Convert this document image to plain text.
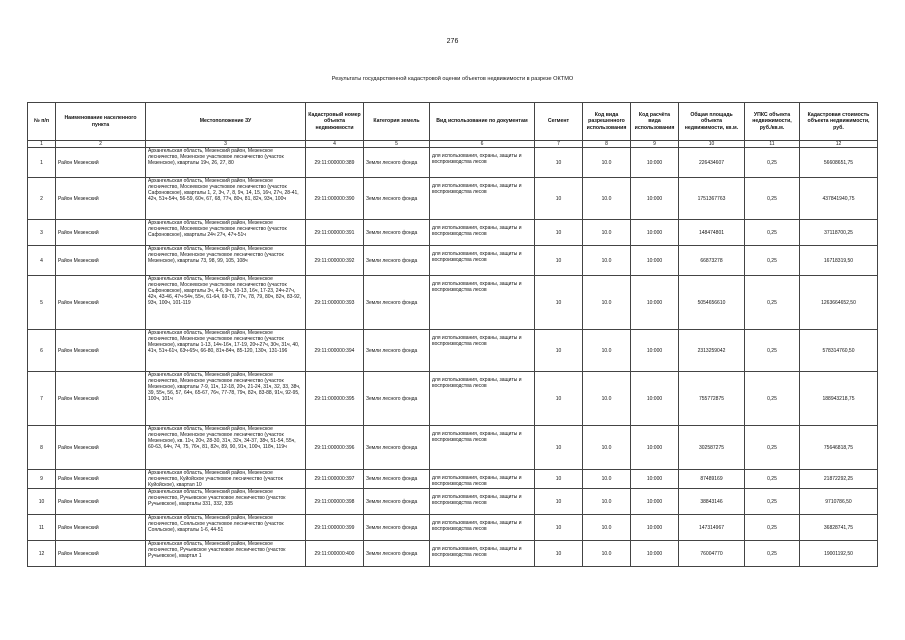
276
Результаты государственной кадастровой оценки объектов недвижимости в разрезе ОКТМО
№ п/п	Наименование населенного пункта	Местоположение ЗУ	Кадастровый номер объекта недвижимости	Категория земель	Вид использование по документам	Сегмент	Код вида разрешенного использования	Код расчёта вида использования	Общая площадь объекта недвижимости, кв.м.	УПКС объекта недвижимости, руб./кв.м.	Кадастровая стоимость объекта недвижимости, руб.
1	2	3	4	5	6	7	8	9	10	11	12
1	Район Мезенский	Архангельская область, Мезенский район, Мезенское лесничество, Мезенское участковое лесничество (участок Мезенское), кварталы 19ч, 26, 27, 80	29:11:000000:389	Земли лесного фонда	для использования, охраны, защиты и воспроизводства лесов	10	10.0	10:000	226434607	0,25	56608651,75
2	Район Мезенский	Архангельская область, Мезенский район, Мезенское лесничество, Мосеевское участковое лесничество (участок Сафоновское), кварталы 1, 2, 3ч, 7, 8, 9ч, 14, 15, 16ч, 27ч, 28-41, 42ч, 51ч-54ч, 56-59, 60ч, 67, 68, 77ч, 80ч, 81, 82ч, 93ч, 100ч	29:11:000000:390	Земли лесного фонда	для использования, охраны, защиты и воспроизводства лесов	10	10.0	10:000	1751367763	0,25	437841940,75
3	Район Мезенский	Архангельская область, Мезенский район, Мезенское лесничество, Мосеевское участковое лесничество (участок Сафоновское), кварталы 24ч 27ч, 47ч-51ч	29:11:000000:391	Земли лесного фонда	для использования, охраны, защиты и воспроизводства лесов	10	10.0	10:000	148474801	0,25	37118700,25
4	Район Мезенский	Архангельская область, Мезенский район, Мезенское лесничество, Мезенское участковое лесничество (участок Мезенское), кварталы 73, 98, 99, 105, 108ч	29:11:000000:392	Земли лесного фонда	для использования, охраны, защиты и воспроизводства лесов	10	10.0	10:000	66873278	0,25	16718319,50
5	Район Мезенский	Архангельская область, Мезенский район, Мезенское лесничество, Мосеевское участковое лесничество (участок Сафоновское), кварталы 3ч, 4-6, 9ч, 10-13, 16ч, 17-23, 24ч-27ч, 42ч, 43-46, 47ч-54ч, 55ч, 61-64, 69-76, 77ч, 78, 79, 80ч, 82ч, 83-92, 93ч, 100ч, 101-119	29:11:000000:393	Земли лесного фонда	для использования, охраны, защиты и воспроизводства лесов	10	10.0	10:000	5054656610	0,25	1263664652,50
6	Район Мезенский	Архангельская область, Мезенский район, Мезенское лесничество, Мезенское участковое лесничество (участок Мезенское), кварталы 1-13, 14ч-16ч, 17-19, 20ч-27ч, 30ч, 31ч, 40, 41ч, 51ч-61ч, 63ч-65ч, 66-80, 81ч-84ч, 85-120, 130ч, 131-196	29:11:000000:394	Земли лесного фонда	для использования, охраны, защиты и воспроизводства лесов	10	10.0	10:000	2313259042	0,25	578314760,50
7	Район Мезенский	Архангельская область, Мезенский район, Мезенское лесничество, Мезенское участковое лесничество (участок Мезенское), кварталы 7-9, 11ч, 12-18, 20ч, 21-24, 31ч, 32, 33, 38ч, 39, 55ч, 56, 57, 64ч, 65-67, 76ч, 77-78, 79ч, 82ч, 83-88, 91ч, 92-95, 100ч, 101ч	29:11:000000:395	Земли лесного фонда	для использования, охраны, защиты и воспроизводства лесов	10	10.0	10:000	755772875	0,25	188943218,75
8	Район Мезенский	Архангельская область, Мезенский район, Мезенское лесничество, Мезенское участковое лесничество (участок Мезенское), кв. 11ч, 20ч, 28-30, 31ч, 32ч, 34-37, 38ч, 51-54, 55ч, 60-63, 64ч, 74, 75, 76ч, 81, 82ч, 89, 90, 91ч, 100ч, 118ч, 119ч	29:11:000000:396	Земли лесного фонда	для использования, охраны, защиты и воспроизводства лесов	10	10.0	10:000	302587275	0,25	75646818,75
9	Район Мезенский	Архангельская область, Мезенский район, Мезенское лесничество, Куйойское участковое лесничество (участок Куйойское), квартал 10	29:11:000000:397	Земли лесного фонда	для использования, охраны, защиты и воспроизводства лесов	10	10.0	10:000	87489169	0,25	21872292,25
10	Район Мезенский	Архангельская область, Мезенский район, Мезенское лесничество, Ручьевское участковое лесничество (участок Ручьевское), кварталы 331, 332, 335	29:11:000000:398	Земли лесного фонда	для использования, охраны, защиты и воспроизводства лесов	10	10.0	10:000	38843146	0,25	9710786,50
11	Район Мезенский	Архангельская область, Мезенский район, Мезенское лесничество, Сояльское участковое лесничество (участок Сояльское), кварталы 1-6, 44-51	29:11:000000:399	Земли лесного фонда	для использования, охраны, защиты и воспроизводства лесов	10	10.0	10:000	147314967	0,25	36828741,75
12	Район Мезенский	Архангельская область, Мезенский район, Мезенское лесничество, Ручьевское участковое лесничество (участок Ручьевское), квартал 1	29:11:000000:400	Земли лесного фонда	для использования, охраны, защиты и воспроизводства лесов	10	10.0	10:000	76004770	0,25	19001192,50
